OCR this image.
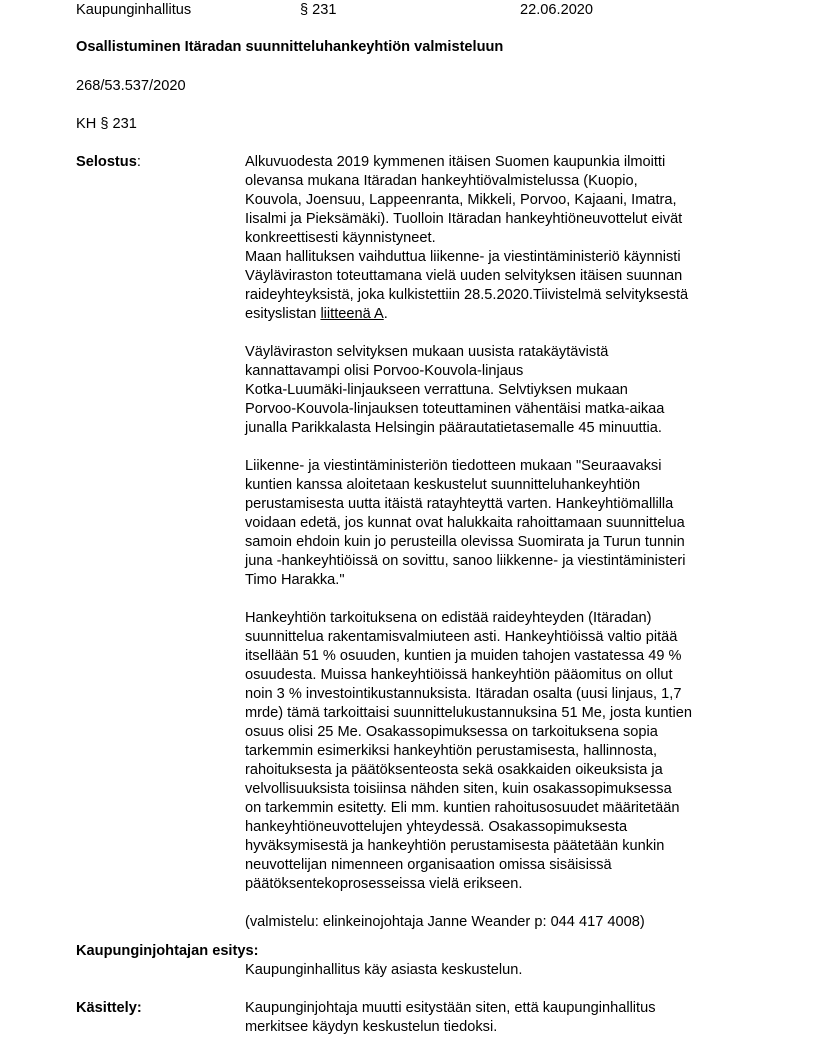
Kaupunginhallitus	§ 231	22.06.2020
Osallistuminen Itäradan suunnitteluhankeyhtiön valmisteluun
268/53.537/2020
KH § 231
Selostus:	Alkuvuodesta 2019 kymmenen itäisen Suomen kaupunkia ilmoitti

olevansa mukana Itäradan hankeyhtiövalmistelussa (Kuopio,

Kouvola, Joensuu, Lappeenranta, Mikkeli, Porvoo, Kajaani, Imatra,

Iisalmi ja Pieksämäki). Tuolloin Itäradan hankeyhtiöneuvottelut eivät

konkreettisesti käynnistyneet.

Maan hallituksen vaihduttua liikenne- ja viestintäministeriö käynnisti

Väyläviraston toteuttamana vielä uuden selvityksen itäisen suunnan

raideyhteyksistä, joka kulkistettiin 28.5.2020.Tiivistelmä selvityksestä

esityslistan liitteenä A.

Väyläviraston selvityksen mukaan uusista ratakäytävistä

kannattavampi olisi Porvoo-Kouvola-linjaus

Kotka-Luumäki-linjaukseen verrattuna. Selvtiyksen mukaan

Porvoo-Kouvola-linjauksen toteuttaminen vähentäisi matka-aikaa

junalla Parikkalasta Helsingin päärautatietasemalle 45 minuuttia.

Liikenne- ja viestintäministeriön tiedotteen mukaan "Seuraavaksi

kuntien kanssa aloitetaan keskustelut suunnitteluhankeyhtiön

perustamisesta uutta itäistä ratayhteyttä varten. Hankeyhtiömallilla

voidaan edetä, jos kunnat ovat halukkaita rahoittamaan suunnittelua

samoin ehdoin kuin jo perusteilla olevissa Suomirata ja Turun tunnin

juna -hankeyhtiöissä on sovittu, sanoo liikkenne- ja viestintäministeri

Timo Harakka."

Hankeyhtiön tarkoituksena on edistää raideyhteyden (Itäradan)

suunnittelua rakentamisvalmiuteen asti. Hankeyhtiöissä valtio pitää

itsellään 51 % osuuden, kuntien ja muiden tahojen vastatessa 49 %

osuudesta. Muissa hankeyhtiöissä hankeyhtiön pääomitus on ollut

noin 3 % investointikustannuksista. Itäradan osalta (uusi linjaus, 1,7

mrde) tämä tarkoittaisi suunnittelukustannuksina 51 Me, josta kuntien

osuus olisi 25 Me. Osakassopimuksessa on tarkoituksena sopia

tarkemmin esimerkiksi hankeyhtiön perustamisesta, hallinnosta,

rahoituksesta ja päätöksenteosta sekä osakkaiden oikeuksista ja

velvollisuuksista toisiinsa nähden siten, kuin osakassopimuksessa

on tarkemmin esitetty. Eli mm. kuntien rahoitusosuudet määritetään

hankeyhtiöneuvottelujen yhteydessä. Osakassopimuksesta

hyväksymisestä ja hankeyhtiön perustamisesta päätetään kunkin

neuvottelijan nimenneen organisaation omissa sisäisissä

päätöksentekoprosesseissa vielä erikseen.

(valmistelu: elinkeinojohtaja Janne Weander p: 044 417 4008)

Kaupunginjohtajan esitys:
Kaupunginhallitus käy asiasta keskustelun.
Käsittely:	Kaupunginjohtaja muutti esitystään siten, että kaupunginhallitus
merkitsee käydyn keskustelun tiedoksi.
